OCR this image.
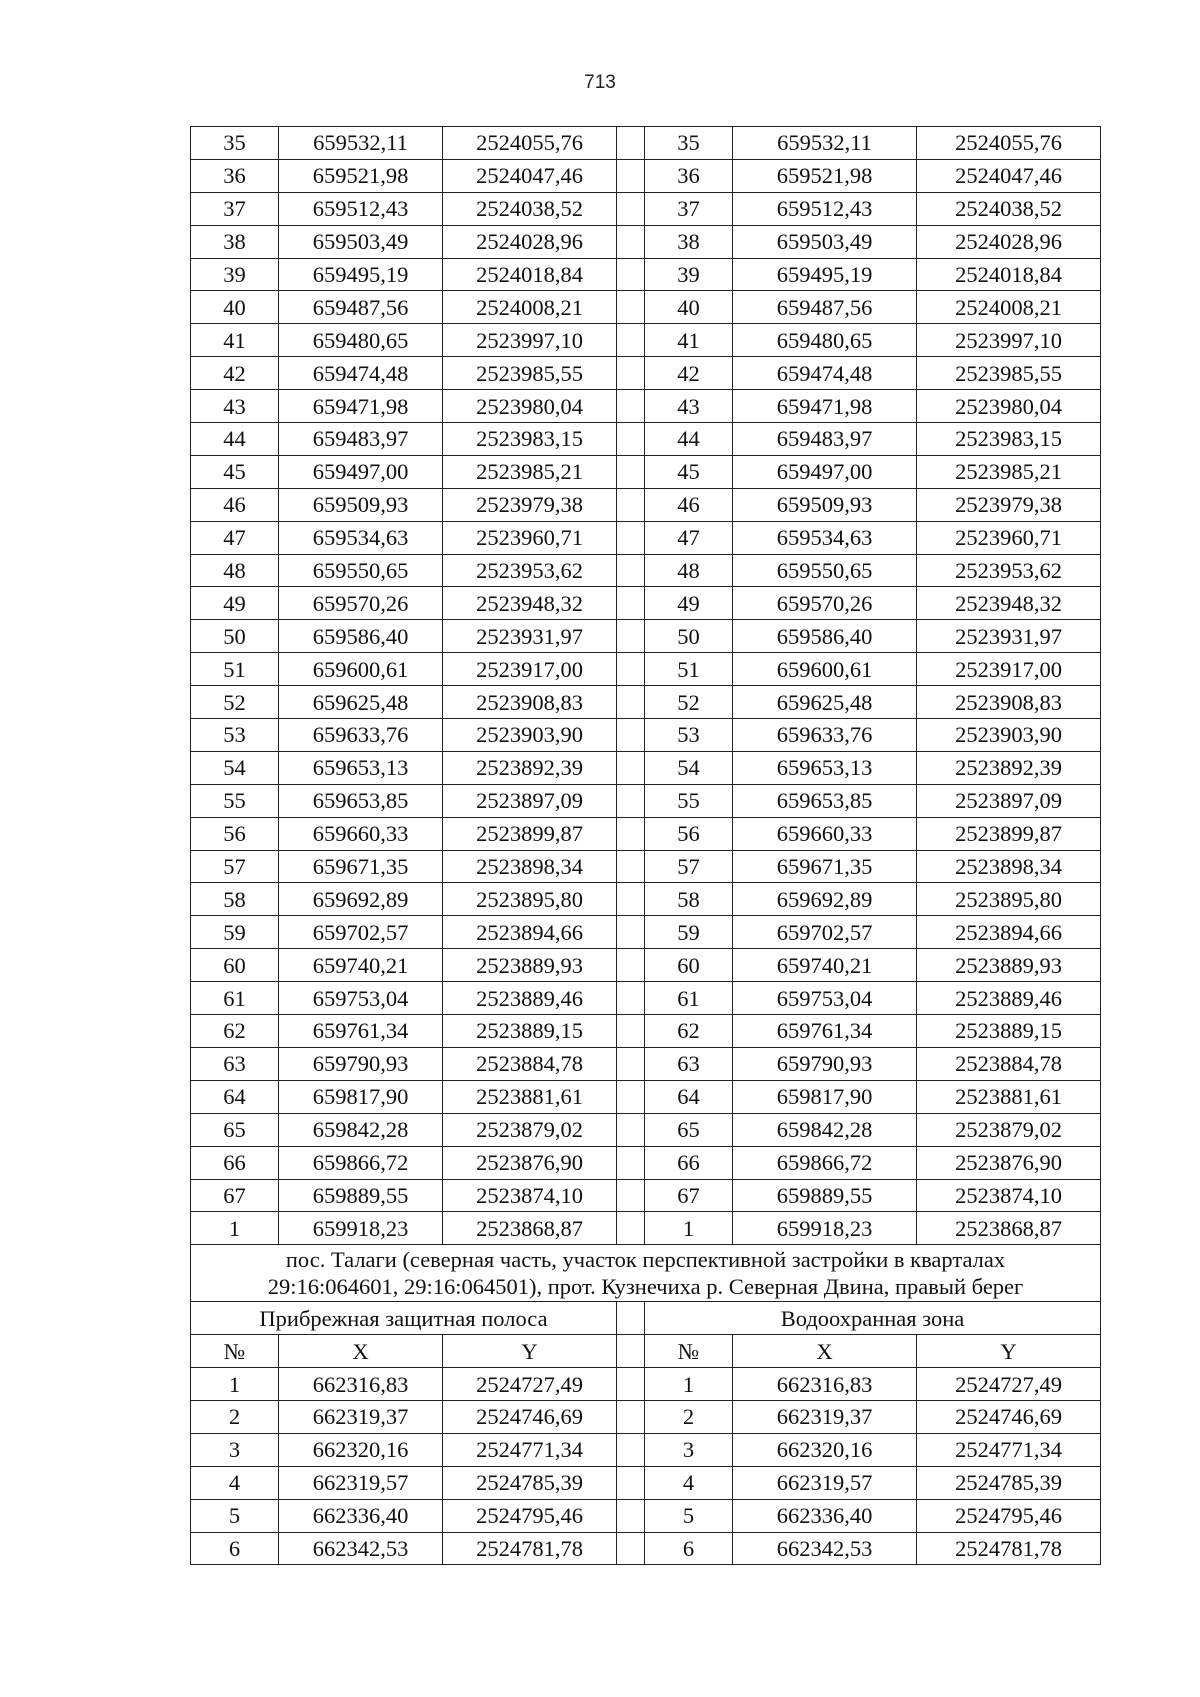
713
35	659532,11	2524055,76		35	659532,11	2524055,76
36	659521,98	2524047,46		36	659521,98	2524047,46
37	659512,43	2524038,52		37	659512,43	2524038,52
38	659503,49	2524028,96		38	659503,49	2524028,96
39	659495,19	2524018,84		39	659495,19	2524018,84
40	659487,56	2524008,21		40	659487,56	2524008,21
41	659480,65	2523997,10		41	659480,65	2523997,10
42	659474,48	2523985,55		42	659474,48	2523985,55
43	659471,98	2523980,04		43	659471,98	2523980,04
44	659483,97	2523983,15		44	659483,97	2523983,15
45	659497,00	2523985,21		45	659497,00	2523985,21
46	659509,93	2523979,38		46	659509,93	2523979,38
47	659534,63	2523960,71		47	659534,63	2523960,71
48	659550,65	2523953,62		48	659550,65	2523953,62
49	659570,26	2523948,32		49	659570,26	2523948,32
50	659586,40	2523931,97		50	659586,40	2523931,97
51	659600,61	2523917,00		51	659600,61	2523917,00
52	659625,48	2523908,83		52	659625,48	2523908,83
53	659633,76	2523903,90		53	659633,76	2523903,90
54	659653,13	2523892,39		54	659653,13	2523892,39
55	659653,85	2523897,09		55	659653,85	2523897,09
56	659660,33	2523899,87		56	659660,33	2523899,87
57	659671,35	2523898,34		57	659671,35	2523898,34
58	659692,89	2523895,80		58	659692,89	2523895,80
59	659702,57	2523894,66		59	659702,57	2523894,66
60	659740,21	2523889,93		60	659740,21	2523889,93
61	659753,04	2523889,46		61	659753,04	2523889,46
62	659761,34	2523889,15		62	659761,34	2523889,15
63	659790,93	2523884,78		63	659790,93	2523884,78
64	659817,90	2523881,61		64	659817,90	2523881,61
65	659842,28	2523879,02		65	659842,28	2523879,02
66	659866,72	2523876,90		66	659866,72	2523876,90
67	659889,55	2523874,10		67	659889,55	2523874,10
1	659918,23	2523868,87		1	659918,23	2523868,87
пос. Талаги (северная часть, участок перспективной застройки в кварталах
29:16:064601, 29:16:064501), прот. Кузнечиха р. Северная Двина, правый берег						
Прибрежная защитная полоса				Водоохранная зона		
№	X	Y		№	X	Y
1	662316,83	2524727,49		1	662316,83	2524727,49
2	662319,37	2524746,69		2	662319,37	2524746,69
3	662320,16	2524771,34		3	662320,16	2524771,34
4	662319,57	2524785,39		4	662319,57	2524785,39
5	662336,40	2524795,46		5	662336,40	2524795,46
6	662342,53	2524781,78		6	662342,53	2524781,78
